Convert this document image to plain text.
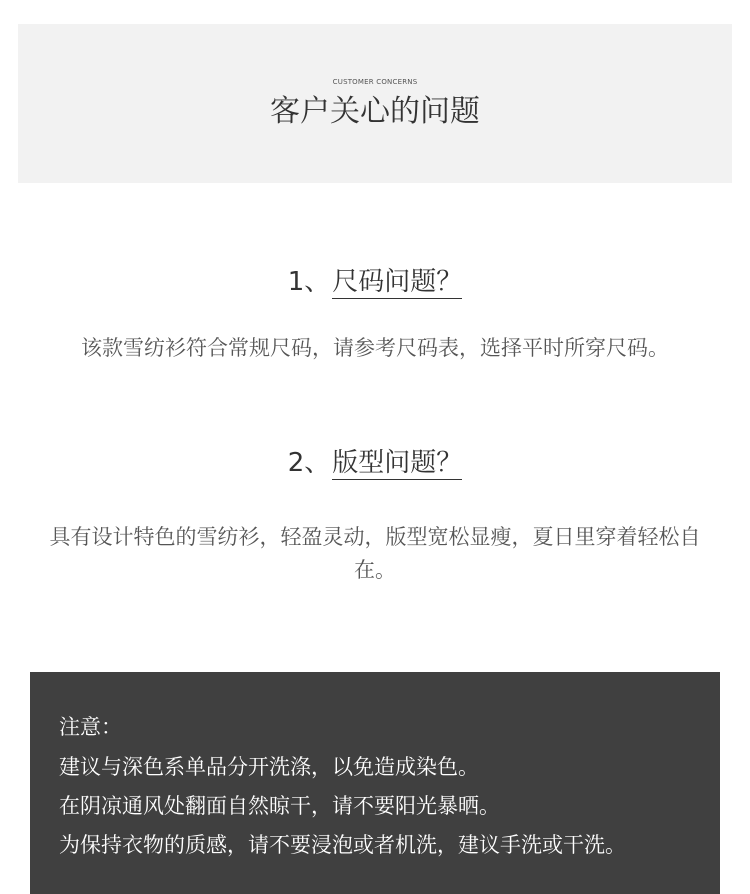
CUSTOMER CONCERNS
客户关心的问题
1、尺码问题？
该款雪纺衫符合常规尺码，请参考尺码表，选择平时所穿尺码。
2、版型问题？
具有设计特色的雪纺衫，轻盈灵动，版型宽松显瘦，夏日里穿着轻松自在。
注意：
建议与深色系单品分开洗涤，以免造成染色。
在阴凉通风处翻面自然晾干，请不要阳光暴晒。
为保持衣物的质感，请不要浸泡或者机洗，建议手洗或干洗。
